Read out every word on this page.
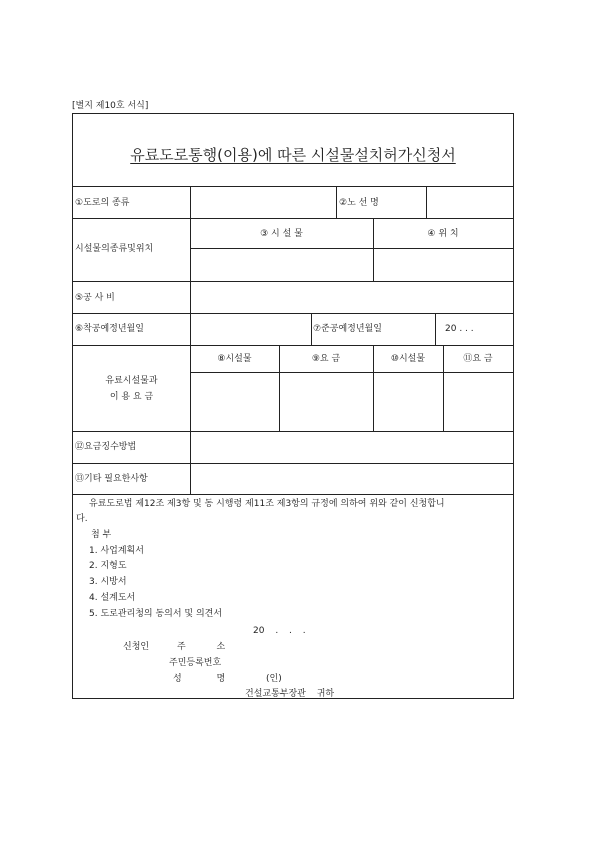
[별지 제10호 서식]
유료도로통행(이용)에 따른 시설물설치허가신청서
①도로의 종류	②노 선 명
시설물의종류및위치
③ 시 설 물	④ 위 치
⑤공 사 비
⑥착공예정년월일	⑦준공예정년월일	20 . . .
유료시설물과
이 용 요 금
⑧시설물	⑨요 금	⑩시설물	⑪요 금
⑫요금징수방법
⑬기타 필요한사항
유료도로법 제12조 제3항 및 동 시행령 제11조 제3항의 규정에 의하여 위와 같이 신청합니
다.
첨 부
1. 사업계획서
2. 지형도
3. 시방서
4. 설계도서
5. 도로관리청의 동의서 및 의견서
20 . . .
신청인	주 소
주민등록번호
성 명	(인)
건설교통부장관 귀하
